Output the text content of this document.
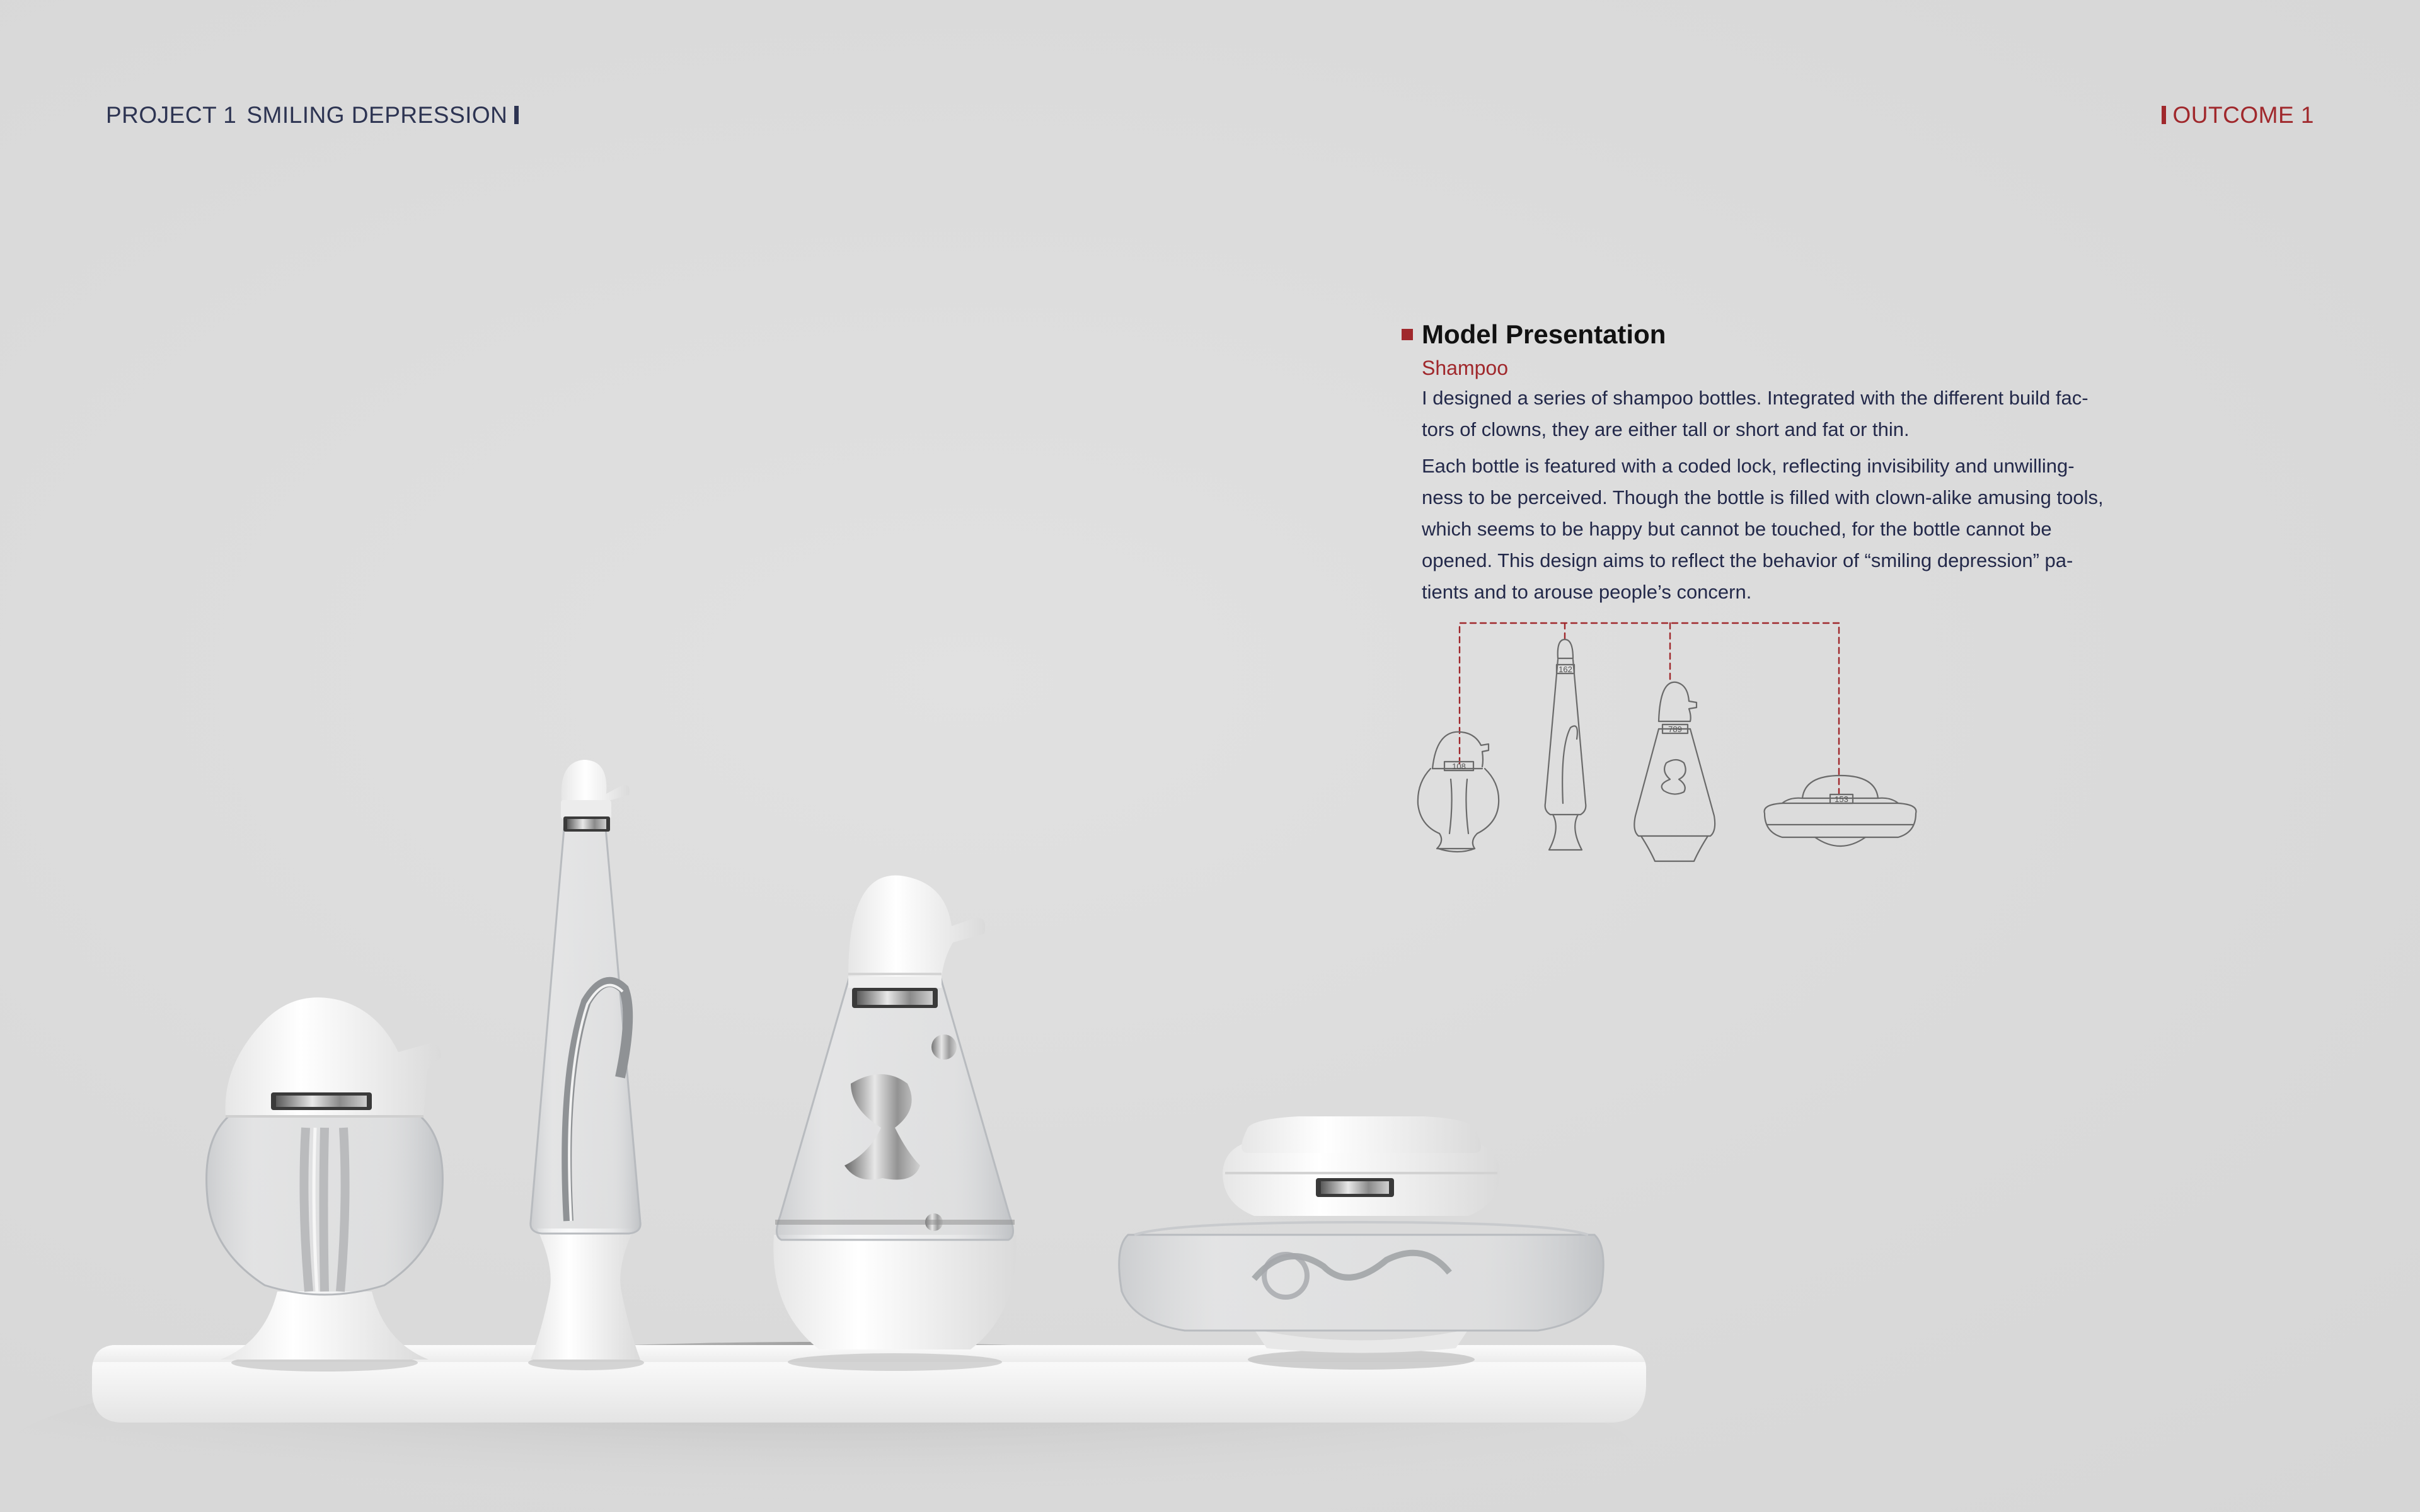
PROJECT 1 SMILING DEPRESSION	OUTCOME 1
Model Presentation
Shampoo

I designed a series of shampoo bottles. Integrated with the different build fac-
tors of clowns, they are either tall or short and fat or thin.

Each bottle is featured with a coded lock, reflecting invisibility and unwilling-
ness to be perceived. Though the bottle is filled with clown-alike amusing tools,
which seems to be happy but cannot be touched, for the bottle cannot be
opened. This design aims to reflect the behavior of “smiling depression” pa-
tients and to arouse people’s concern.

108
162
789
153
